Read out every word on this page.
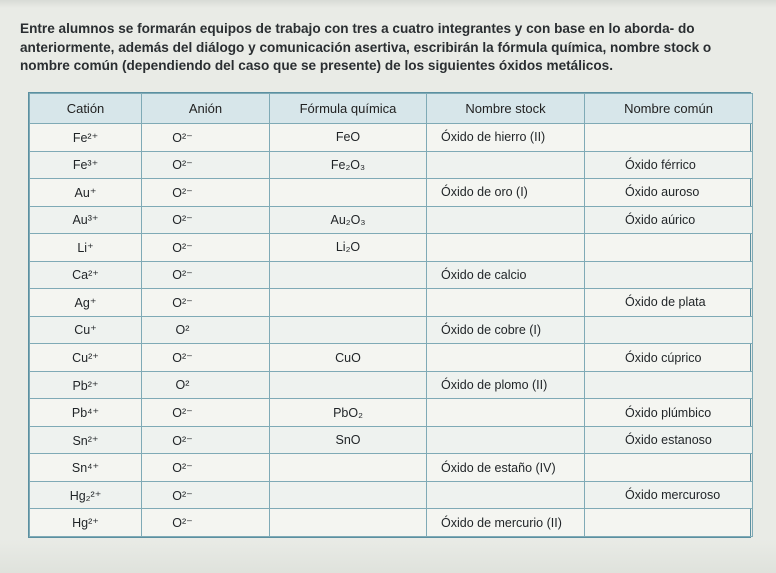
Entre alumnos se formarán equipos de trabajo con tres a cuatro integrantes y con base en lo aborda- do anteriormente, además del diálogo y comunicación asertiva, escribirán la fórmula química, nombre stock o nombre común (dependiendo del caso que se presente) de los siguientes óxidos metálicos.

Catión	Anión	Fórmula química	Nombre stock	Nombre común
Fe²⁺	O²⁻	FeO	Óxido de hierro (II)	
Fe³⁺	O²⁻	Fe₂O₃		Óxido férrico
Au⁺	O²⁻		Óxido de oro (I)	Óxido auroso
Au³⁺	O²⁻	Au₂O₃		Óxido aúrico
Li⁺	O²⁻	Li₂O		
Ca²⁺	O²⁻		Óxido de calcio	
Ag⁺	O²⁻			Óxido de plata
Cu⁺	O²		Óxido de cobre (I)	
Cu²⁺	O²⁻	CuO		Óxido cúprico
Pb²⁺	O²		Óxido de plomo (II)	
Pb⁴⁺	O²⁻	PbO₂		Óxido plúmbico
Sn²⁺	O²⁻	SnO		Óxido estanoso
Sn⁴⁺	O²⁻		Óxido de estaño (IV)	
Hg₂²⁺	O²⁻			Óxido mercuroso
Hg²⁺	O²⁻		Óxido de mercurio (II)	
